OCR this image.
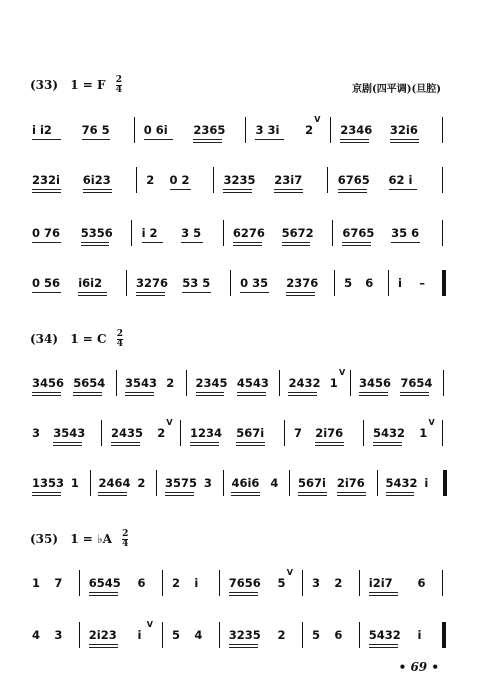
(33) 1 = F $\frac{2}{4}$	京剧(四平调)(旦腔)
(34) 1 = C $\frac{2}{4}$
(35) 1 = ♭A $\frac{2}{4}$
i i2	76 5	0 6i 2365	3 3i 2
V
2346 32i6
232i 6i23	2 0 2	3235 23i7	6765 62 i
0 76 5356	i 2 3 5	6276 5672	6765 35 6
0 56 i6i2	3276 53 5	0 35 2376 5 6 i –
3456 5654 3543 2 2345 4543 2432 1
V
3456 7654
3 3543 2435 2
V
1234 567i	7 2i76	5432 1
V
1353 1 2464 2 3575 3 46i6 4 567i 2i76 5432 i
1 7 6545 6 2 i	7656 5
V
3 2 i2i7 6
4 3 2i23 i
V
5 4 3235 2 5 6 5432 i
• 69 •
